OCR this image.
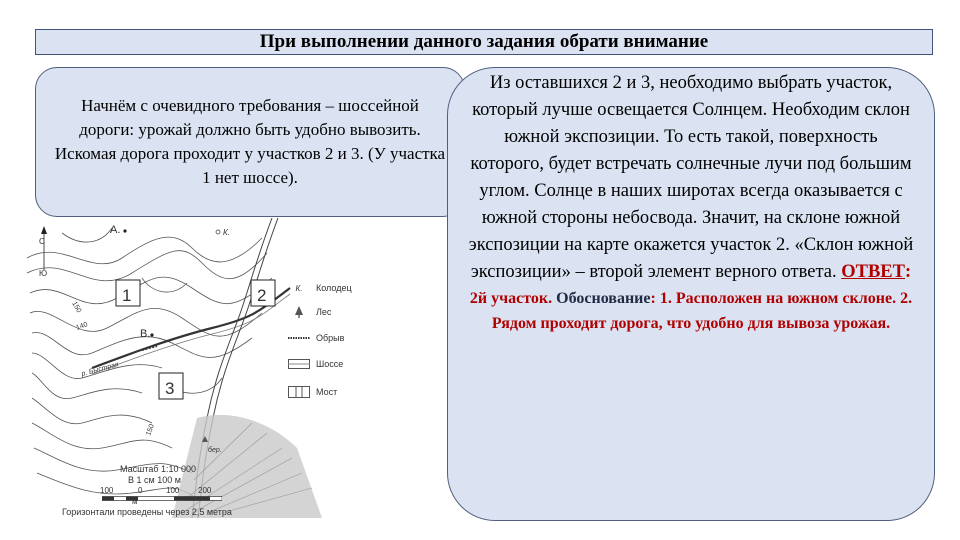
При выполнении данного задания обрати внимание
Начнём с очевидного требования – шоссейной дороги: урожай должно быть удобно вывозить. Искомая дорога проходит у участков 2 и 3. (У участка 1 нет шоссе).
С
Ю
А.
В.
К.
1	2
3
150
140
150
р. Быстрая
бер.
К. Колодец
Лес
Обрыв
Шоссе
Мост
Масштаб 1:10 000
В 1 см 100 м
100	0	100 200
м
Горизонтали проведены через 2,5 метра
Из оставшихся 2 и 3, необходимо выбрать участок, который лучше освещается Солнцем. Необходим склон южной экспозиции. То есть такой, поверхность которого, будет встречать солнечные лучи под большим углом. Солнце в наших широтах всегда оказывается с южной стороны небосвода. Значит, на склоне южной экспозиции на карте окажется участок 2. «Склон южной экспозиции» – второй элемент верного ответа. ОТВЕТ:
2й участок. Обоснование: 1. Расположен на южном склоне. 2. Рядом проходит дорога, что удобно для вывоза урожая.
